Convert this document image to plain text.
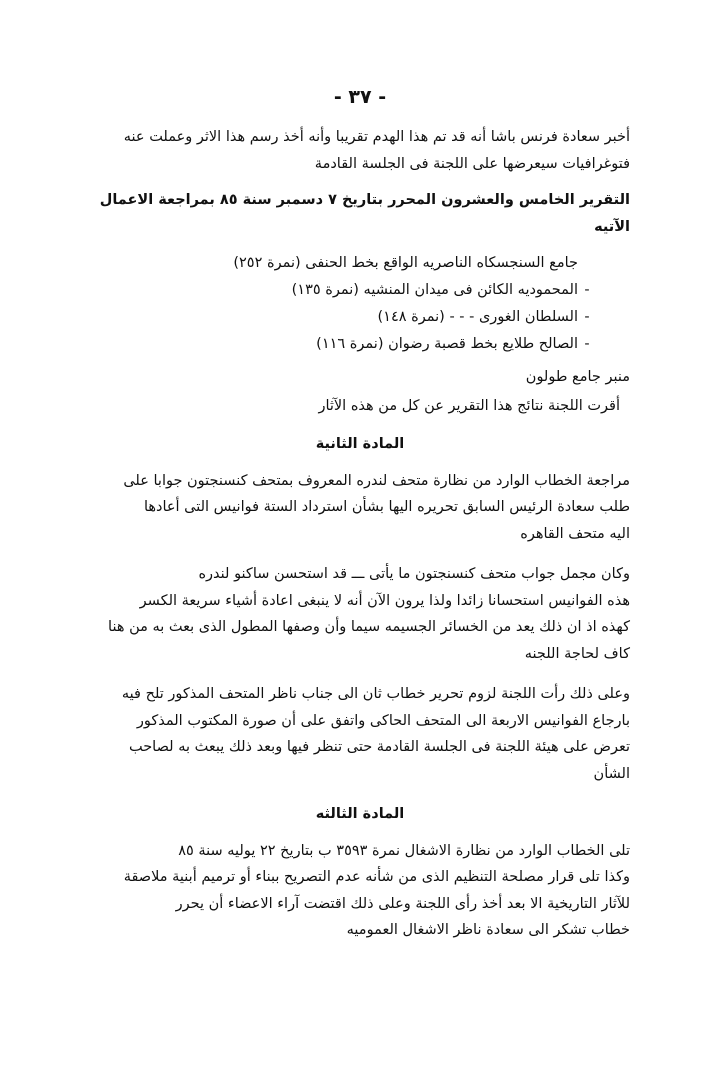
- ٣٧ -

أخبر سعادة فرنس باشا أنه قد تم هذا الهدم تقريبا وأنه أخذ رسم هذا الاثر وعملت عنه

فتوغرافيات سيعرضها على اللجنة فى الجلسة القادمة

التقرير الخامس والعشرون المحرر بتاريخ ٧ دسمبر سنة ٨٥ بمراجعة الاعمال

الآتيه

جامع السنجسكاه الناصريه الواقع بخط الحنفى (نمرة ٢٥٢)
-المحموديه الكائن فى ميدان المنشيه (نمرة ١٣٥)
-السلطان الغورى - - - (نمرة ١٤٨)
-الصالح طلايع بخط قصبة رضوان (نمرة ١١٦)

منبر جامع طولون

أقرت اللجنة نتائج هذا التقرير عن كل من هذه الآثار

المادة الثانية

مراجعة الخطاب الوارد من نظارة متحف لندره المعروف بمتحف كنسنجتون جوابا على

طلب سعادة الرئيس السابق تحريره اليها بشأن استرداد الستة فوانيس التى أعادها

اليه متحف القاهره

وكان مجمل جواب متحف كنسنجتون ما يأتى ـــ قد استحسن ساكنو لندره

هذه الفوانيس استحسانا زائدا ولذا يرون الآن أنه لا ينبغى اعادة أشياء سريعة الكسر

كهذه اذ ان ذلك يعد من الخسائر الجسيمه سيما وأن وصفها المطول الذى بعث به من هنا

كاف لحاجة اللجنه

وعلى ذلك رأت اللجنة لزوم تحرير خطاب ثان الى جناب ناظر المتحف المذكور تلح فيه

بارجاع الفوانيس الاربعة الى المتحف الحاكى واتفق على أن صورة المكتوب المذكور

تعرض على هيئة اللجنة فى الجلسة القادمة حتى تنظر فيها وبعد ذلك يبعث به لصاحب

الشأن

المادة الثالثه

تلى الخطاب الوارد من نظارة الاشغال نمرة ٣٥٩٣ ب بتاريخ ٢٢ يوليه سنة ٨٥

وكذا تلى قرار مصلحة التنظيم الذى من شأنه عدم التصريح ببناء أو ترميم أبنية ملاصقة

للآثار التاريخية الا بعد أخذ رأى اللجنة وعلى ذلك اقتضت آراء الاعضاء أن يحرر

خطاب تشكر الى سعادة ناظر الاشغال العموميه
